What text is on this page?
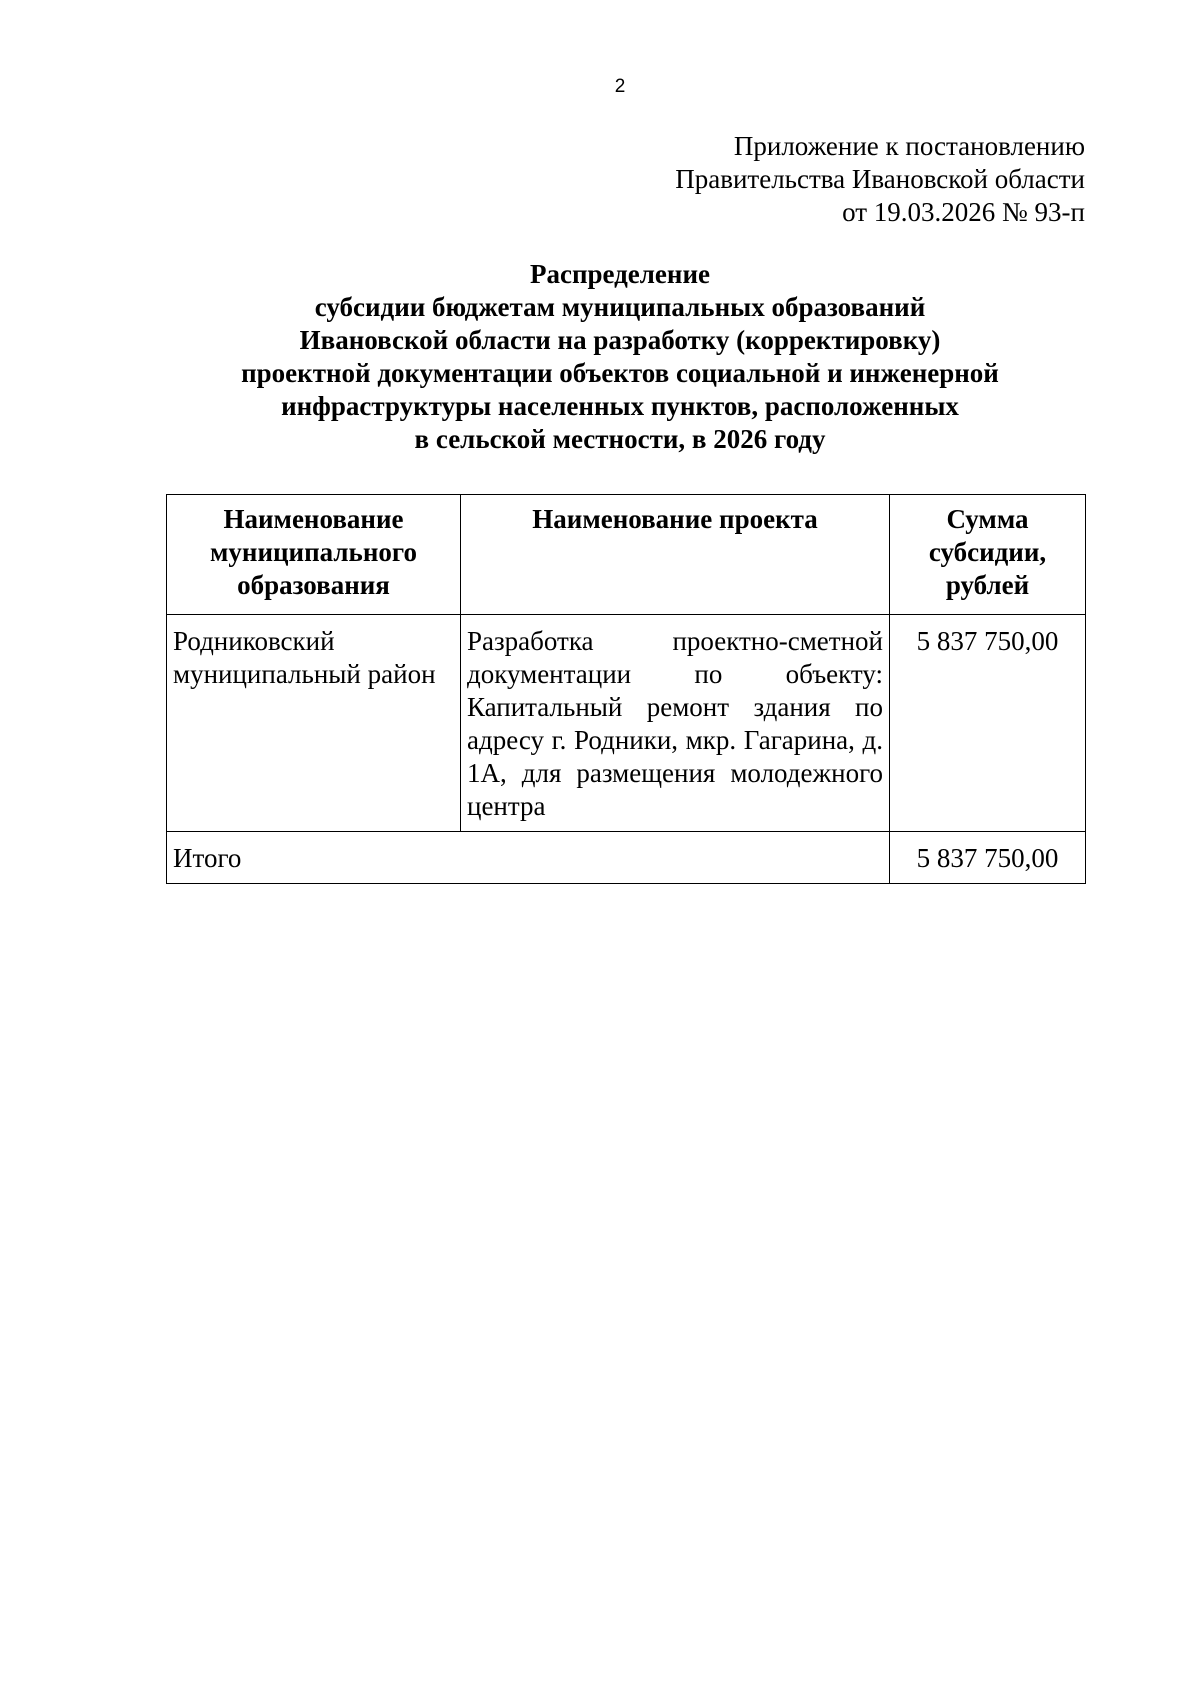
2
Приложение к постановлению
Правительства Ивановской области
от 19.03.2026 № 93-п
Распределение
субсидии бюджетам муниципальных образований
Ивановской области на разработку (корректировку)
проектной документации объектов социальной и инженерной
инфраструктуры населенных пунктов, расположенных
в сельской местности, в 2026 году
Наименование муниципального образования	Наименование проекта	Сумма субсидии, рублей
Родниковский муниципальный район	Разработка проектно-сметной документации по объекту: Капитальный ремонт здания по адресу г. Родники, мкр. Гагарина, д. 1А, для размещения молодежного центра	5 837 750,00
Итого		5 837 750,00
